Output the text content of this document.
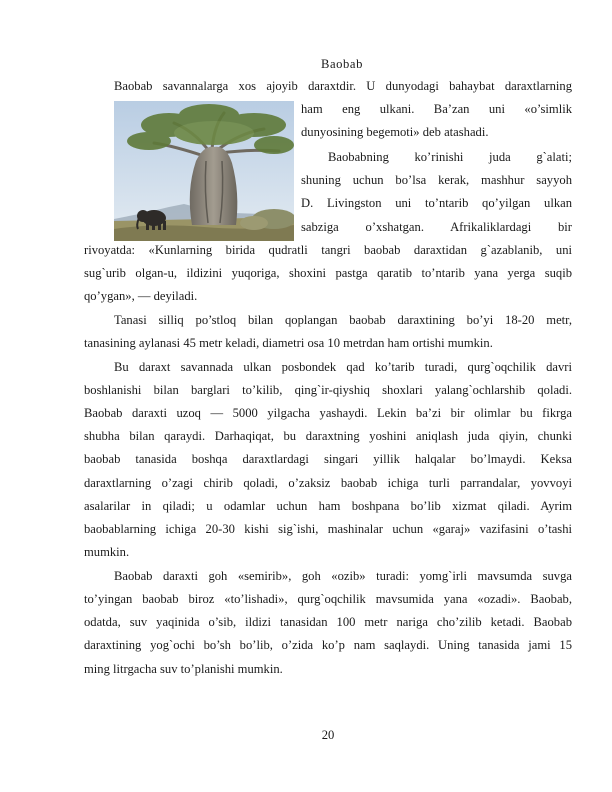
Baobab
Baobab savannalarga xos ajoyib daraxtdir. U dunyodagi bahaybat daraxtlarning
ham eng ulkani. Ba’zan uni «o’simlik
dunyosining begemoti» deb atashadi.
Baobabning ko’rinishi juda g`alati;
shuning uchun bo’lsa kerak, mashhur sayyoh
D. Livingston uni to’ntarib qo’yilgan ulkan
sabziga o’xshatgan. Afrikaliklardagi bir
rivoyatda: «Kunlarning birida qudratli tangri baobab daraxtidan g`azablanib, uni
sug`urib olgan-u, ildizini yuqoriga, shoxini pastga qaratib to’ntarib yana yerga suqib
qo’ygan», — deyiladi.
Tanasi silliq po’stloq bilan qoplangan baobab daraxtining bo’yi 18-20 metr,
tanasining aylanasi 45 metr keladi, diametri osa 10 metrdan ham ortishi mumkin.
Bu daraxt savannada ulkan posbondek qad ko’tarib turadi, qurg`oqchilik davri
boshlanishi bilan barglari to’kilib, qing`ir-qiyshiq shoxlari yalang`ochlarshib qoladi.
Baobab daraxti uzoq — 5000 yilgacha yashaydi. Lekin ba’zi bir olimlar bu fikrga
shubha bilan qaraydi. Darhaqiqat, bu daraxtning yoshini aniqlash juda qiyin, chunki
baobab tanasida boshqa daraxtlardagi singari yillik halqalar bo’lmaydi. Keksa
daraxtlarning o’zagi chirib qoladi, o’zaksiz baobab ichiga turli parrandalar, yovvoyi
asalarilar in qiladi; u odamlar uchun ham boshpana bo’lib xizmat qiladi. Ayrim
baobablarning ichiga 20-30 kishi sig`ishi, mashinalar uchun «garaj» vazifasini o’tashi
mumkin.
Baobab daraxti goh «semirib», goh «ozib» turadi: yomg`irli mavsumda suvga
to’yingan baobab biroz «to’lishadi», qurg`oqchilik mavsumida yana «ozadi». Baobab,
odatda, suv yaqinida o’sib, ildizi tanasidan 100 metr nariga cho’zilib ketadi. Baobab
daraxtining yog`ochi bo’sh bo’lib, o’zida ko’p nam saqlaydi. Uning tanasida jami 15
ming litrgacha suv to’planishi mumkin.
20
